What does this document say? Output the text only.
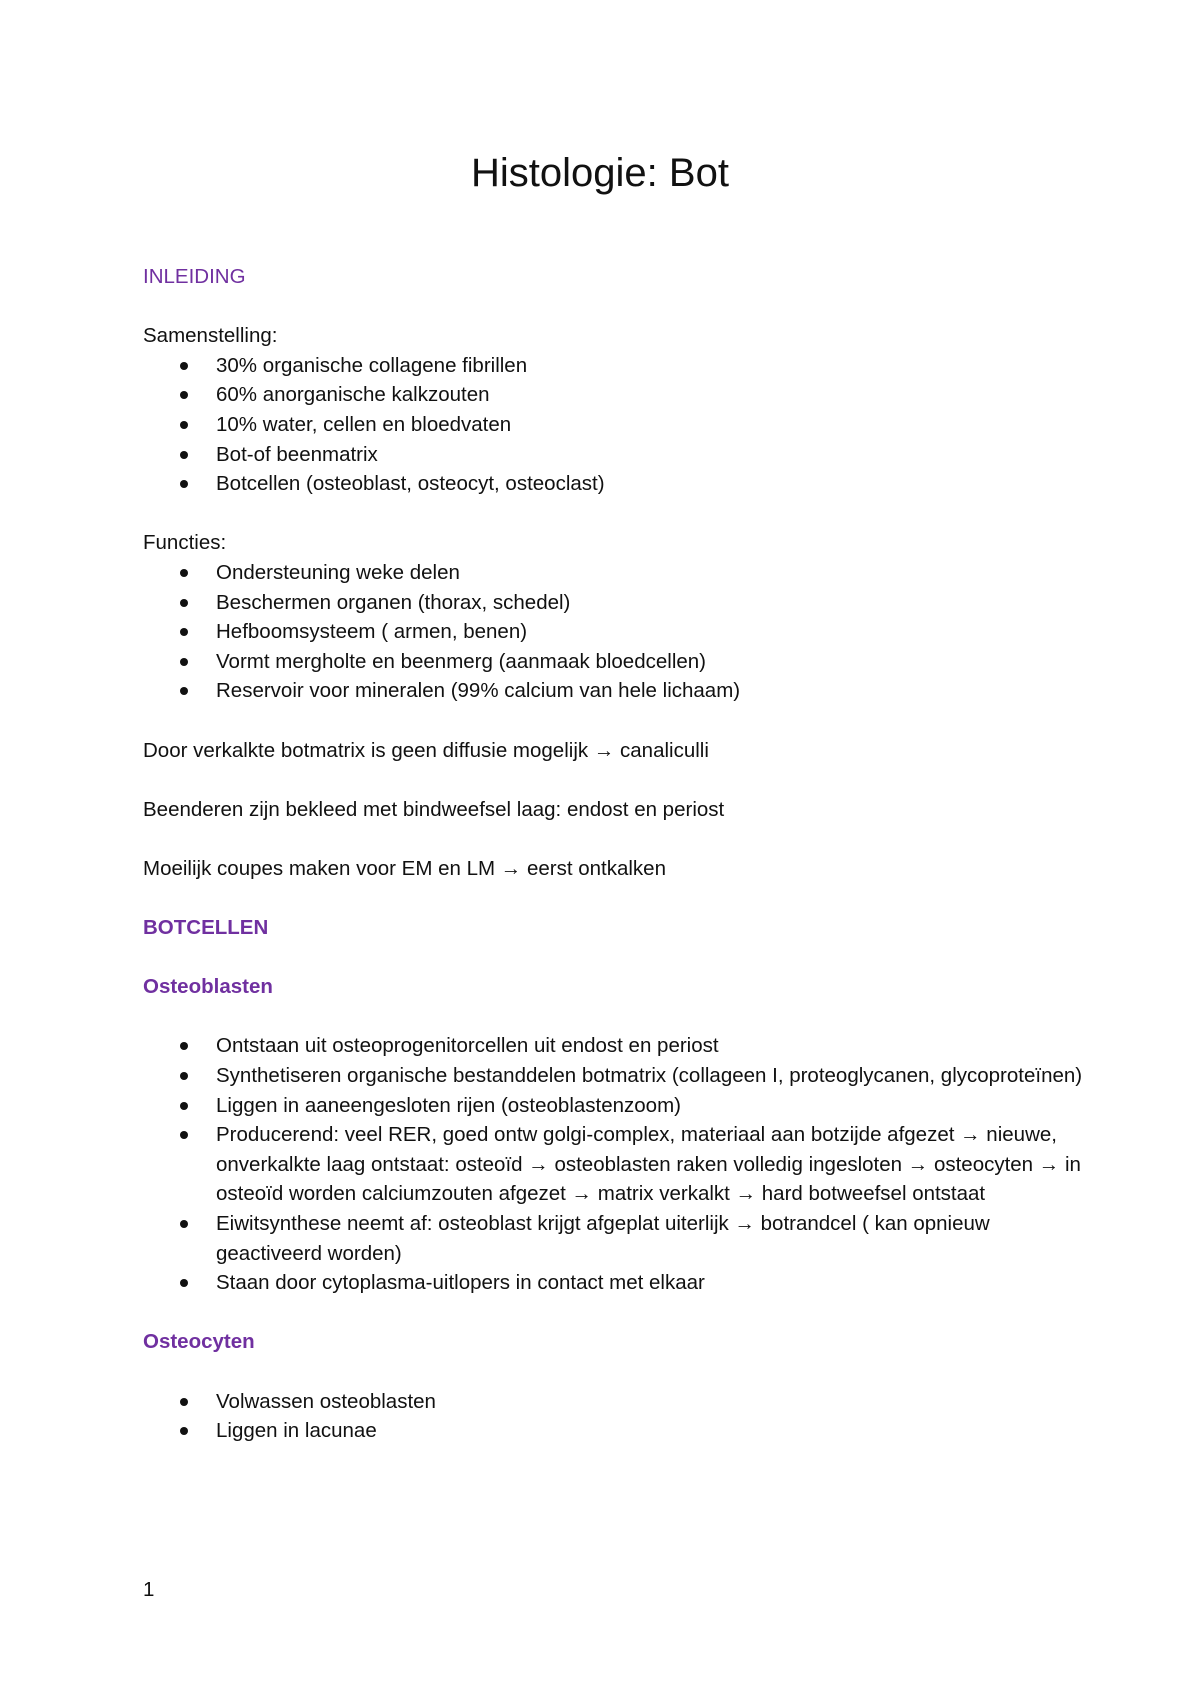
Histologie: Bot

INLEIDING

Samenstelling:

30% organische collagene fibrillen
60% anorganische kalkzouten
10% water, cellen en bloedvaten
Bot-of beenmatrix
Botcellen (osteoblast, osteocyt, osteoclast)

Functies:

Ondersteuning weke delen
Beschermen organen (thorax, schedel)
Hefboomsysteem ( armen, benen)
Vormt mergholte en beenmerg (aanmaak bloedcellen)
Reservoir voor mineralen (99% calcium van hele lichaam)

Door verkalkte botmatrix is geen diffusie mogelijk → canaliculli

Beenderen zijn bekleed met bindweefsel laag: endost en periost

Moeilijk coupes maken voor EM en LM → eerst ontkalken

BOTCELLEN

Osteoblasten

Ontstaan uit osteoprogenitorcellen uit endost en periost
Synthetiseren organische bestanddelen botmatrix (collageen I, proteoglycanen, glycoproteïnen)
Liggen in aaneengesloten rijen (osteoblastenzoom)
Producerend: veel RER, goed ontw golgi-complex, materiaal aan botzijde afgezet → nieuwe, onverkalkte laag ontstaat: osteoïd → osteoblasten raken volledig ingesloten → osteocyten → in osteoïd worden calciumzouten afgezet → matrix verkalkt → hard botweefsel ontstaat
Eiwitsynthese neemt af: osteoblast krijgt afgeplat uiterlijk → botrandcel ( kan opnieuw geactiveerd worden)
Staan door cytoplasma-uitlopers in contact met elkaar

Osteocyten

Volwassen osteoblasten
Liggen in lacunae

1
